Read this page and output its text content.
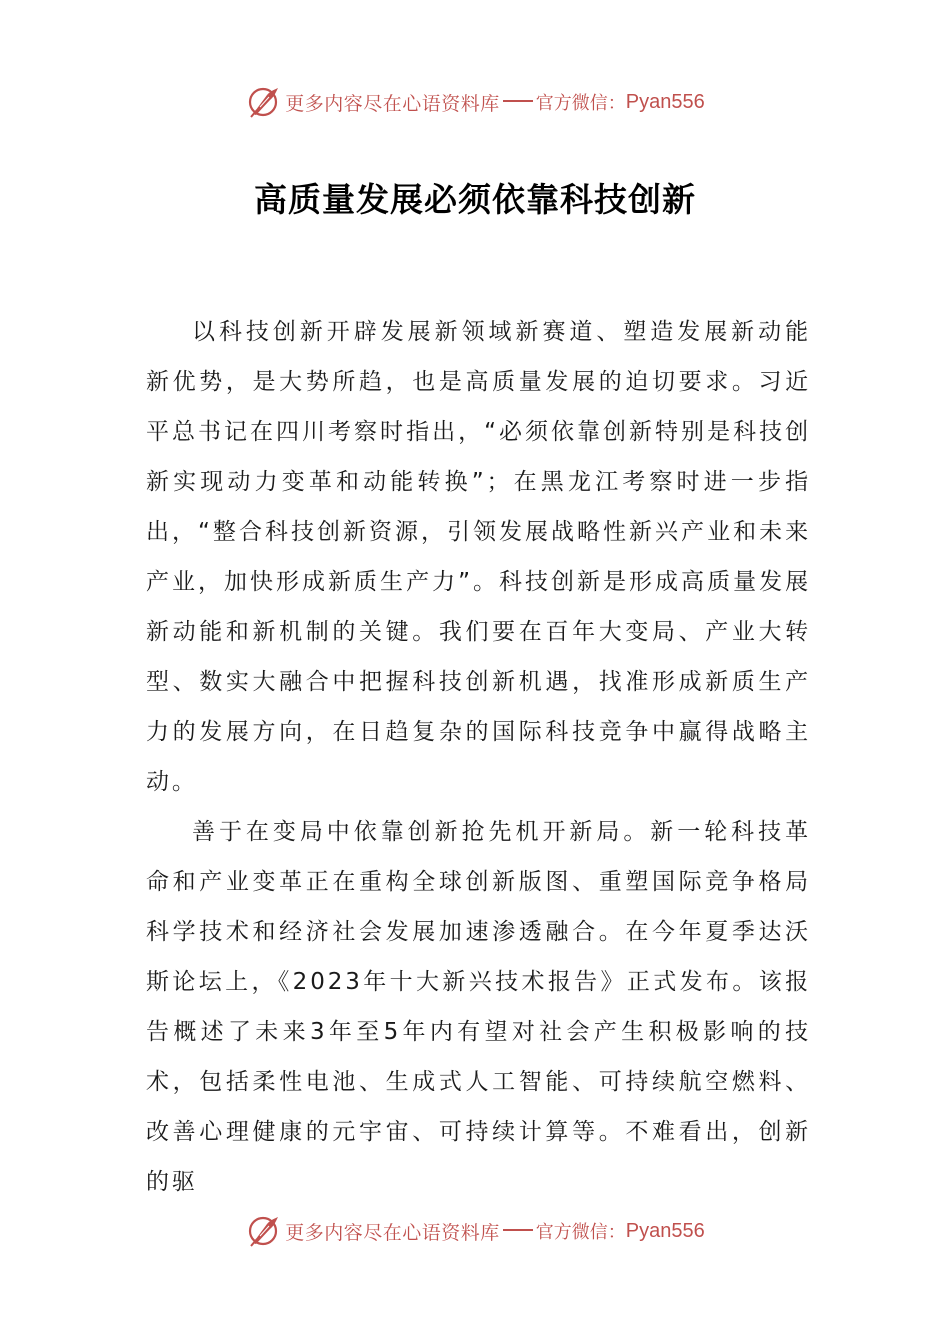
更多内容尽在心语资料库 官方微信： Pyan556
高质量发展必须依靠科技创新

以科技创新开辟发展新领域新赛道、塑造发展新动能新优势，是大势所趋，也是高质量发展的迫切要求。习近平总书记在四川考察时指出，“必须依靠创新特别是科技创新实现动力变革和动能转换”；在黑龙江考察时进一步指出，“整合科技创新资源，引领发展战略性新兴产业和未来产业，加快形成新质生产力”。科技创新是形成高质量发展新动能和新机制的关键。我们要在百年大变局、产业大转型、数实大融合中把握科技创新机遇，找准形成新质生产力的发展方向，在日趋复杂的国际科技竞争中赢得战略主动。

善于在变局中依靠创新抢先机开新局。新一轮科技革命和产业变革正在重构全球创新版图、重塑国际竞争格局科学技术和经济社会发展加速渗透融合。在今年夏季达沃斯论坛上，《2023年十大新兴技术报告》正式发布。该报告概述了未来3年至5年内有望对社会产生积极影响的技术，包括柔性电池、生成式人工智能、可持续航空燃料、改善心理健康的元宇宙、可持续计算等。不难看出，创新的驱

更多内容尽在心语资料库 官方微信： Pyan556
